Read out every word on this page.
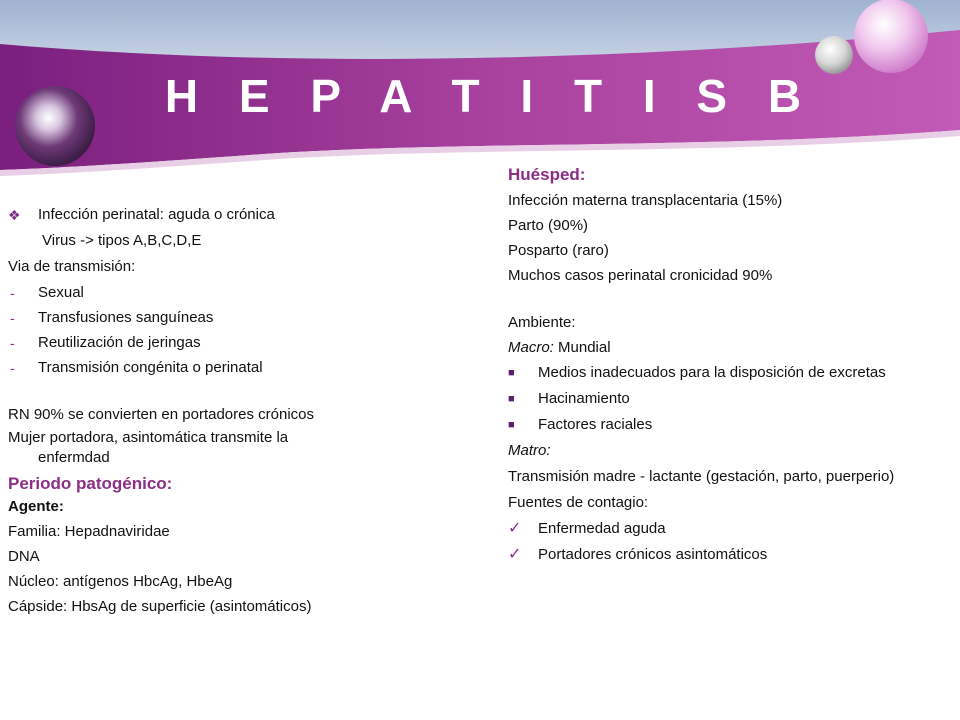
H E P A T I T I S B
❖	Infección perinatal: aguda o crónica
Virus -> tipos A,B,C,D,E
Via de transmisión:
-	Sexual
-	Transfusiones sanguíneas
-	Reutilización de jeringas
-	Transmisión congénita o perinatal
RN 90% se convierten en portadores crónicos
Mujer portadora, asintomática transmite la enfermdad
Periodo patogénico:
Agente:
Familia: Hepadnaviridae
DNA
Núcleo: antígenos HbcAg, HbeAg
Cápside: HbsAg de superficie (asintomáticos)
Huésped:
Infección materna transplacentaria (15%)
Parto (90%)
Posparto (raro)
Muchos casos perinatal cronicidad 90%
Ambiente:
Macro: Mundial
■	Medios inadecuados para la disposición de excretas
■	Hacinamiento
■	Factores raciales
Matro:
Transmisión madre - lactante (gestación, parto, puerperio)
Fuentes de contagio:
✓	Enfermedad aguda
✓	Portadores crónicos asintomáticos
